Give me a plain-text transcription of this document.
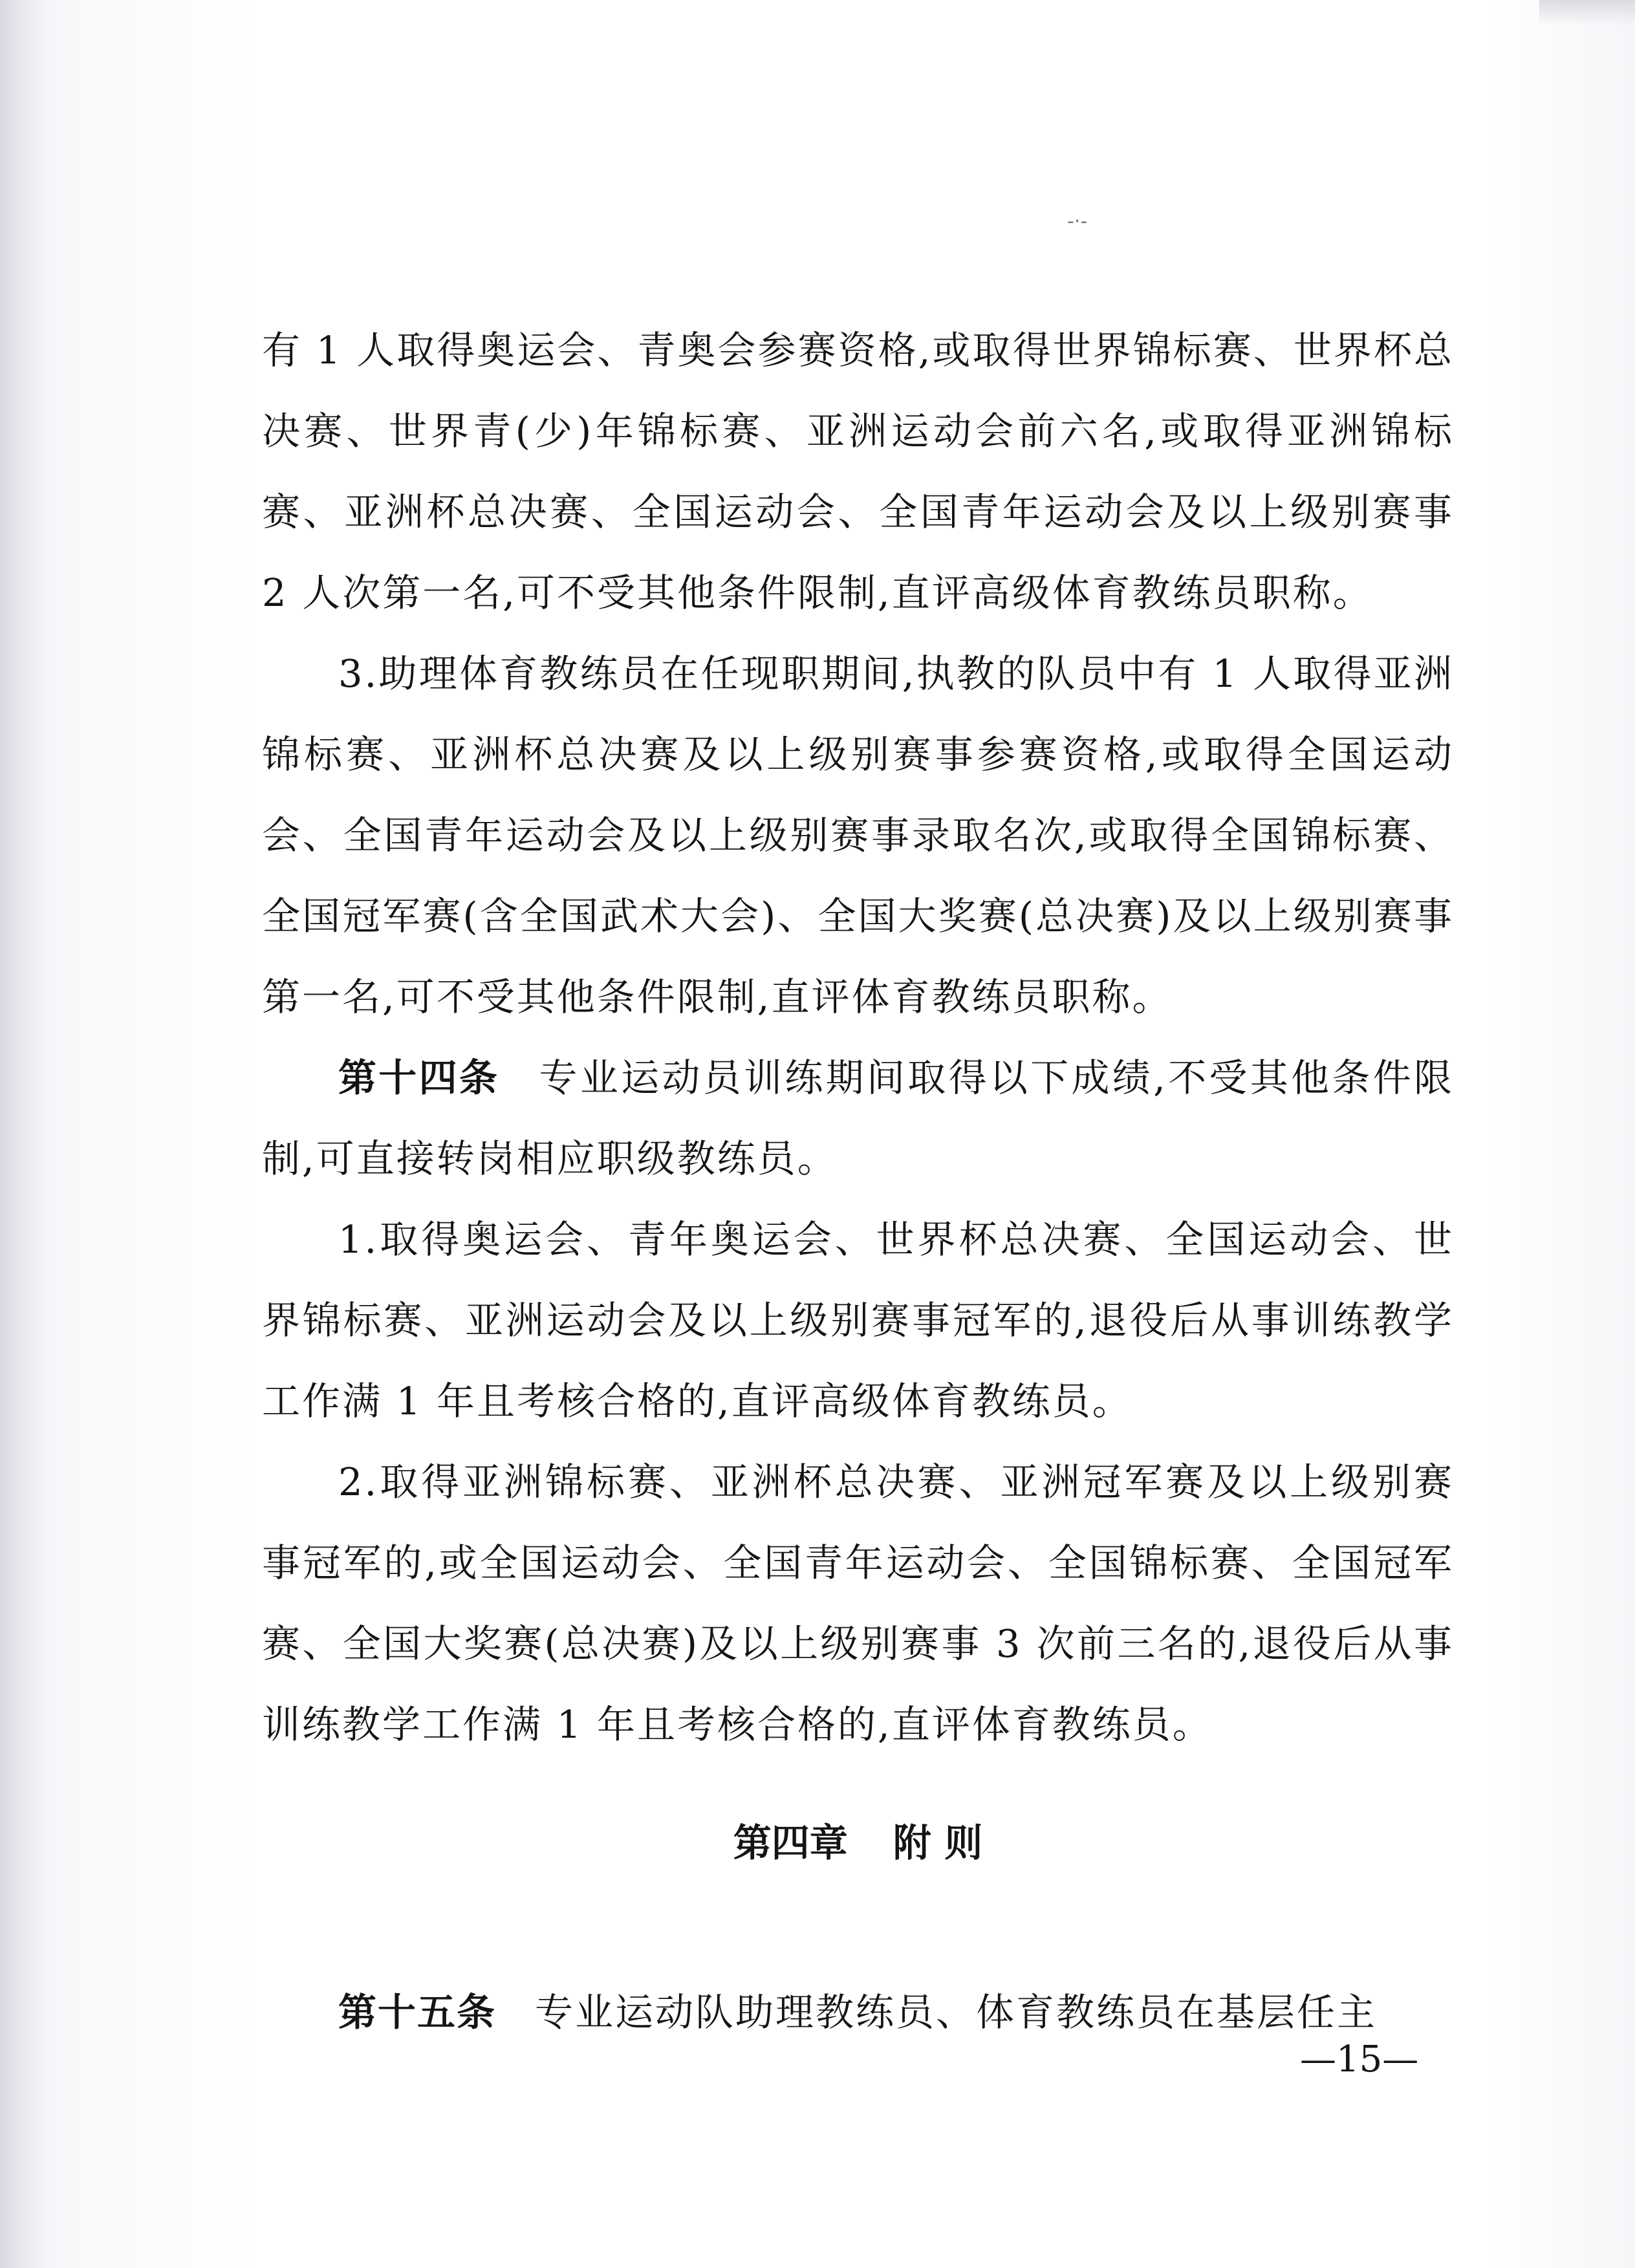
-·-

有 1 人取得奥运会、青奥会参赛资格,或取得世界锦标赛、世界杯总决赛、世界青(少)年锦标赛、亚洲运动会前六名,或取得亚洲锦标赛、亚洲杯总决赛、全国运动会、全国青年运动会及以上级别赛事 2 人次第一名,可不受其他条件限制,直评高级体育教练员职称。

3.助理体育教练员在任现职期间,执教的队员中有 1 人取得亚洲锦标赛、亚洲杯总决赛及以上级别赛事参赛资格,或取得全国运动会、全国青年运动会及以上级别赛事录取名次,或取得全国锦标赛、全国冠军赛(含全国武术大会)、全国大奖赛(总决赛)及以上级别赛事第一名,可不受其他条件限制,直评体育教练员职称。

第十四条 专业运动员训练期间取得以下成绩,不受其他条件限制,可直接转岗相应职级教练员。

1.取得奥运会、青年奥运会、世界杯总决赛、全国运动会、世界锦标赛、亚洲运动会及以上级别赛事冠军的,退役后从事训练教学工作满 1 年且考核合格的,直评高级体育教练员。

2.取得亚洲锦标赛、亚洲杯总决赛、亚洲冠军赛及以上级别赛事冠军的,或全国运动会、全国青年运动会、全国锦标赛、全国冠军赛、全国大奖赛(总决赛)及以上级别赛事 3 次前三名的,退役后从事训练教学工作满 1 年且考核合格的,直评体育教练员。

第四章 附 则

第十五条 专业运动队助理教练员、体育教练员在基层任主

—15—
